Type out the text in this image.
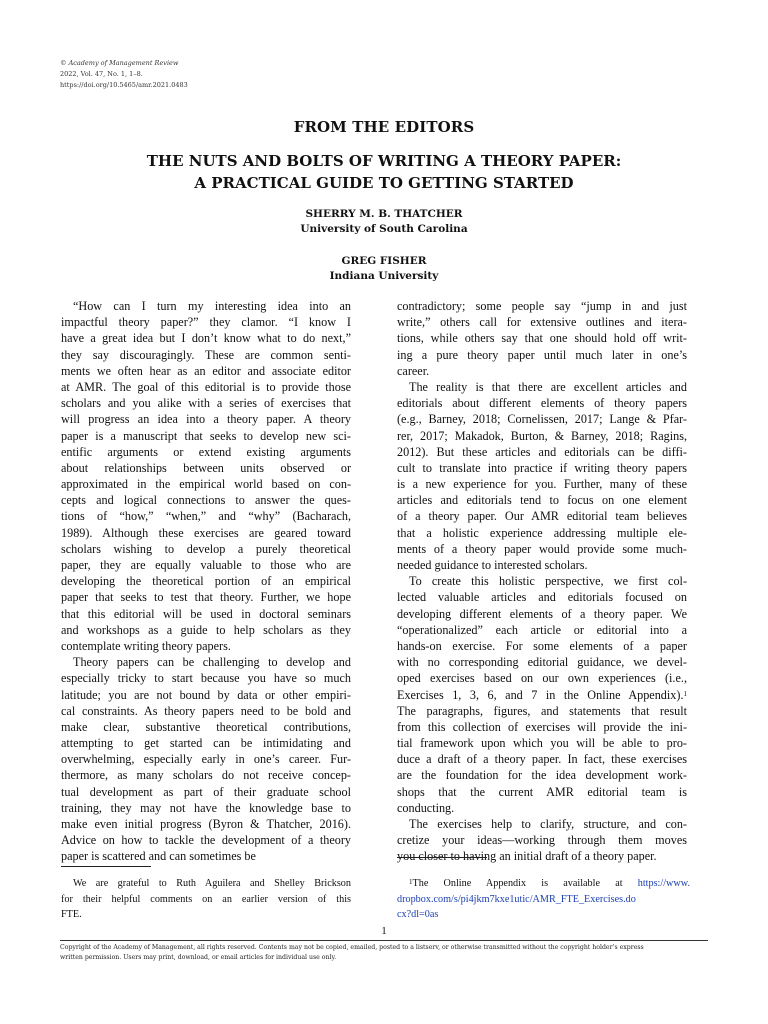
© Academy of Management Review
2022, Vol. 47, No. 1, 1–8.
https://doi.org/10.5465/amr.2021.0483
FROM THE EDITORS
THE NUTS AND BOLTS OF WRITING A THEORY PAPER:
A PRACTICAL GUIDE TO GETTING STARTED
SHERRY M. B. THATCHER
University of South Carolina
GREG FISHER
Indiana University
“How can I turn my interesting idea into an
impactful theory paper?” they clamor. “I know I
have a great idea but I don’t know what to do next,”
they say discouragingly. These are common senti-
ments we often hear as an editor and associate editor
at AMR. The goal of this editorial is to provide those
scholars and you alike with a series of exercises that
will progress an idea into a theory paper. A theory
paper is a manuscript that seeks to develop new sci-
entific arguments or extend existing arguments
about relationships between units observed or
approximated in the empirical world based on con-
cepts and logical connections to answer the ques-
tions of “how,” “when,” and “why” (Bacharach,
1989). Although these exercises are geared toward
scholars wishing to develop a purely theoretical
paper, they are equally valuable to those who are
developing the theoretical portion of an empirical
paper that seeks to test that theory. Further, we hope
that this editorial will be used in doctoral seminars
and workshops as a guide to help scholars as they
contemplate writing theory papers.
Theory papers can be challenging to develop and
especially tricky to start because you have so much
latitude; you are not bound by data or other empiri-
cal constraints. As theory papers need to be bold and
make clear, substantive theoretical contributions,
attempting to get started can be intimidating and
overwhelming, especially early in one’s career. Fur-
thermore, as many scholars do not receive concep-
tual development as part of their graduate school
training, they may not have the knowledge base to
make even initial progress (Byron & Thatcher, 2016).
Advice on how to tackle the development of a theory
paper is scattered and can sometimes be
contradictory; some people say “jump in and just
write,” others call for extensive outlines and itera-
tions, while others say that one should hold off writ-
ing a pure theory paper until much later in one’s
career.
The reality is that there are excellent articles and
editorials about different elements of theory papers
(e.g., Barney, 2018; Cornelissen, 2017; Lange & Pfar-
rer, 2017; Makadok, Burton, & Barney, 2018; Ragins,
2012). But these articles and editorials can be diffi-
cult to translate into practice if writing theory papers
is a new experience for you. Further, many of these
articles and editorials tend to focus on one element
of a theory paper. Our AMR editorial team believes
that a holistic experience addressing multiple ele-
ments of a theory paper would provide some much-
needed guidance to interested scholars.
To create this holistic perspective, we first col-
lected valuable articles and editorials focused on
developing different elements of a theory paper. We
“operationalized” each article or editorial into a
hands-on exercise. For some elements of a paper
with no corresponding editorial guidance, we devel-
oped exercises based on our own experiences (i.e.,
Exercises 1, 3, 6, and 7 in the Online Appendix).$^1$
The paragraphs, figures, and statements that result
from this collection of exercises will provide the ini-
tial framework upon which you will be able to pro-
duce a draft of a theory paper. In fact, these exercises
are the foundation for the idea development work-
shops that the current AMR editorial team is
conducting.
The exercises help to clarify, structure, and con-
cretize your ideas—working through them moves
you closer to having an initial draft of a theory paper.
We are grateful to Ruth Aguilera and Shelley Brickson
for their helpful comments on an earlier version of this
FTE.
$^1$The Online Appendix is available at https://www.
dropbox.com/s/pi4jkm7kxe1utic/AMR_FTE_Exercises.do
cx?dl=0as
1
Copyright of the Academy of Management, all rights reserved. Contents may not be copied, emailed, posted to a listserv, or otherwise transmitted without the copyright holder’s express
written permission. Users may print, download, or email articles for individual use only.
